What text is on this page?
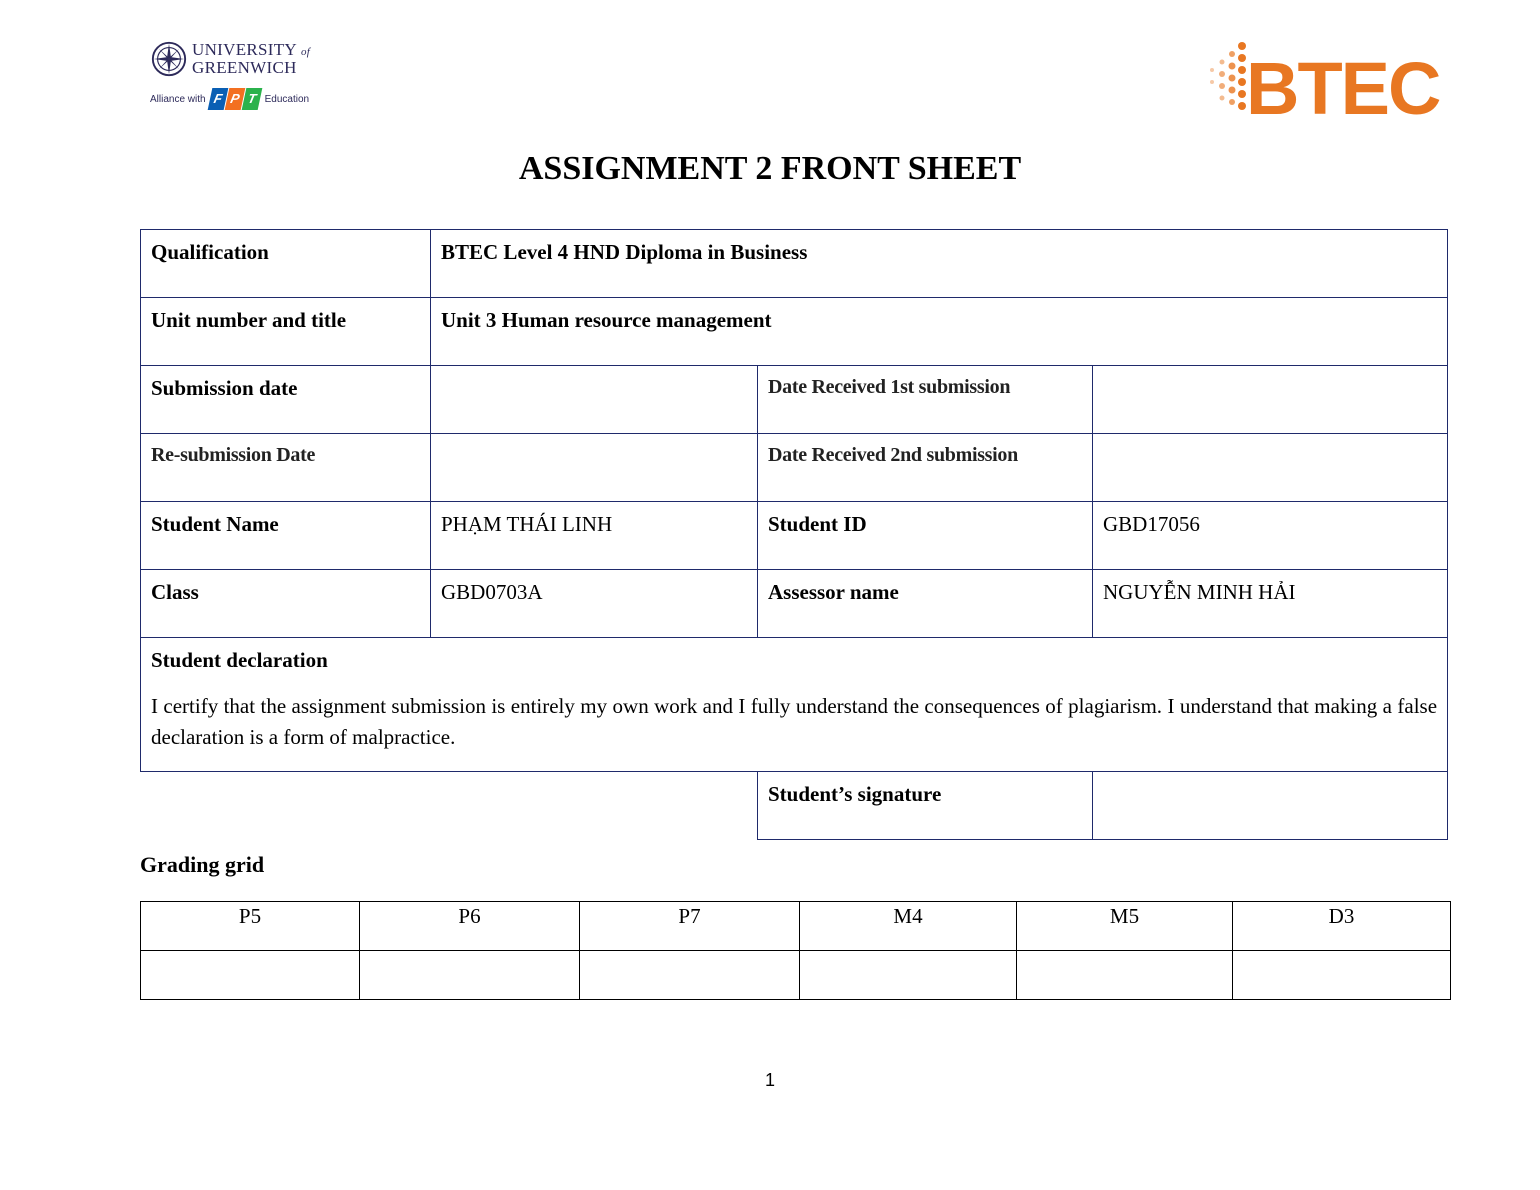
UNIVERSITY of
GREENWICH
Alliance with F P T Education	BTEC
ASSIGNMENT 2 FRONT SHEET
Qualification	BTEC Level 4 HND Diploma in Business		
Unit number and title	Unit 3 Human resource management		
Submission date		Date Received 1st submission	
Re-submission Date		Date Received 2nd submission	
Student Name	PHẠM THÁI LINH	Student ID	GBD17056
Class	GBD0703A	Assessor name	NGUYỄN MINH HẢI

Student declaration
I certify that the assignment submission is entirely my own work and I fully understand the consequences of plagiarism. I understand that making a false declaration is a form of malpractice.			

		Student’s signature	
Grading grid
P5	P6	P7	M4	M5	D3

1
